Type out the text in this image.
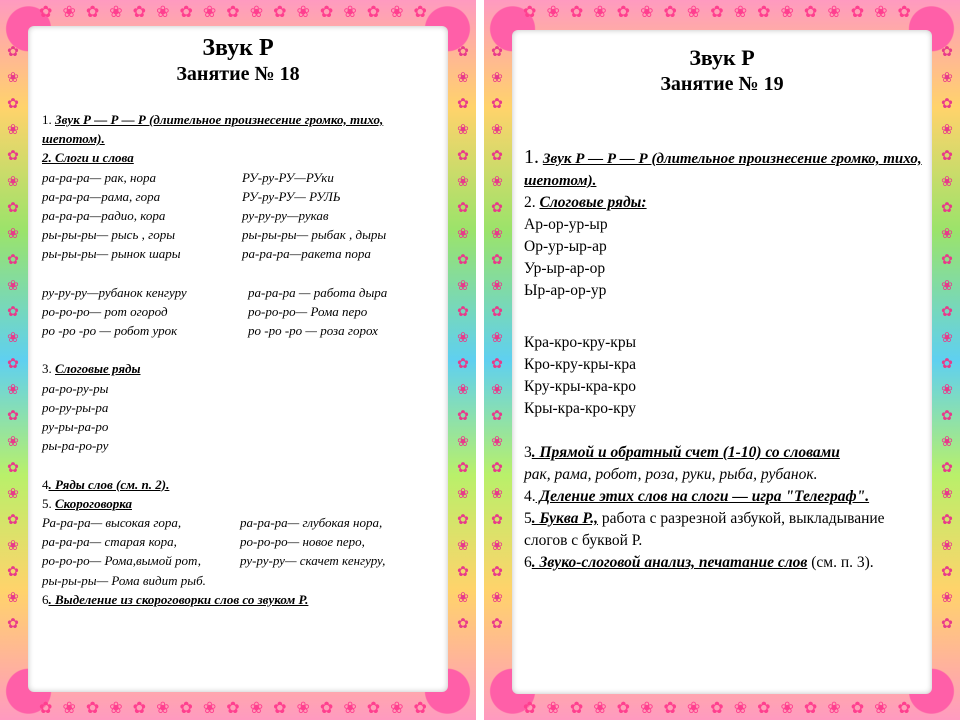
✿❀✿❀✿❀✿❀✿❀✿❀✿❀✿❀✿
✿❀✿❀✿❀✿❀✿❀✿❀✿❀✿❀✿
✿❀✿❀✿❀✿❀✿❀✿❀✿❀✿❀✿❀✿❀✿❀✿
✿❀✿❀✿❀✿❀✿❀✿❀✿❀✿❀✿❀✿❀✿❀✿
Звук Р
Занятие № 18
1. Звук Р — Р — Р (длительное произнесение громко, тихо, шепотом).
2. Слоги и слова
ра-ра-ра— рак, нора	РУ-ру-РУ—РУки
ра-ра-ра—рама, гора	РУ-ру-РУ— РУЛЬ
ра-ра-ра—радио, кора	ру-ру-ру—рукав
ры-ры-ры— рысь , горы	ры-ры-ры— рыбак , дыры
ры-ры-ры— рынок шары	ра-ра-ра—ракета пора
ру-ру-ру—рубанок кенгуру	ра-ра-ра — работа дыра
ро-ро-ро— рот огород	ро-ро-ро— Рома перо
ро -ро -ро — робот урок	ро -ро -ро — роза горох
3. Слоговые ряды
ра-ро-ру-ры
ро-ру-ры-ра
ру-ры-ра-ро
ры-ра-ро-ру
4. Ряды слов (см. п. 2).
5. Скороговорка
Ра-ра-ра— высокая гора,	ра-ра-ра— глубокая нора,
ра-ра-ра— старая кора,	ро-ро-ро— новое перо,
ро-ро-ро— Рома,вымой рот,	ру-ру-ру— скачет кенгуру,
ры-ры-ры— Рома видит рыб.
6. Выделение из скороговорки слов со звуком Р.
✿❀✿❀✿❀✿❀✿❀✿❀✿❀✿❀✿
✿❀✿❀✿❀✿❀✿❀✿❀✿❀✿❀✿
✿❀✿❀✿❀✿❀✿❀✿❀✿❀✿❀✿❀✿❀✿❀✿
✿❀✿❀✿❀✿❀✿❀✿❀✿❀✿❀✿❀✿❀✿❀✿
Звук Р
Занятие № 19
1. Звук Р — Р — Р (длительное произнесение громко, тихо, шепотом).
2. Слоговые ряды:
Ар-ор-ур-ыр
Ор-ур-ыр-ар
Ур-ыр-ар-ор
Ыр-ар-ор-ур
Кра-кро-кру-кры
Кро-кру-кры-кра
Кру-кры-кра-кро
Кры-кра-кро-кру
3. Прямой и обратный счет (1-10) со словами
рак, рама, робот, роза, руки, рыба, рубанок.
4. Деление этих слов на слоги — игра "Телеграф".
5. Буква Р., работа с разрезной азбукой, выкладывание слогов с буквой Р.
6. Звуко-слоговой анализ, печатание слов (см. п. 3).
